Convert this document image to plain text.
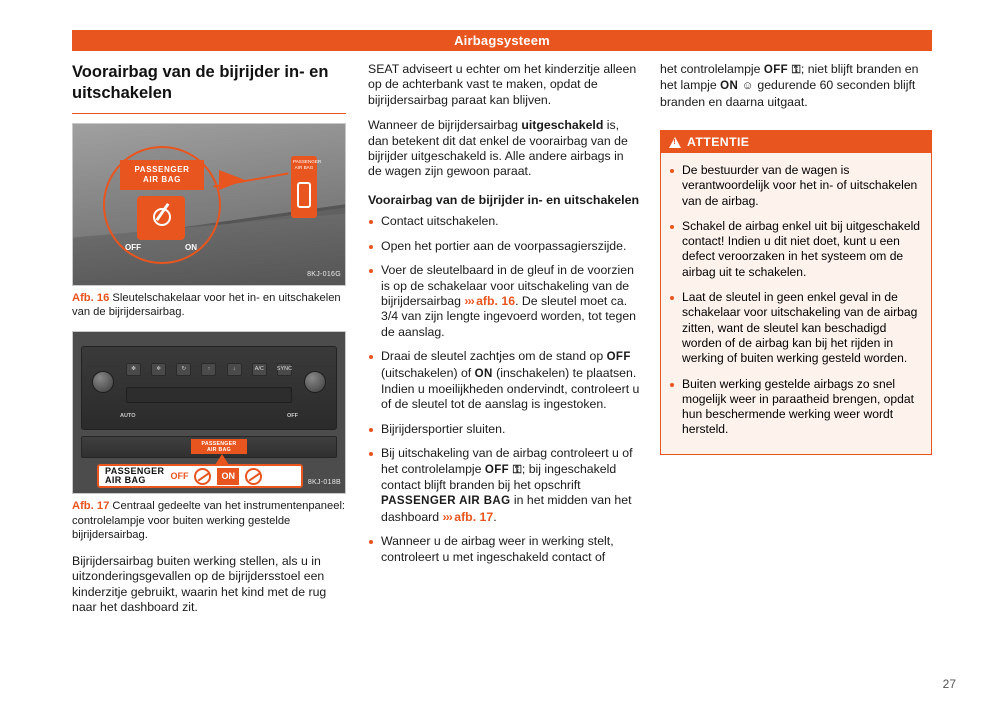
Airbagsysteem
Voorairbag van de bijrijder in- en uitschakelen
PASSENGER
AIR BAG
OFF	ON
PASSENGER AIR BAG
8KJ-016G
Afb. 16 Sleutelschakelaar voor het in- en uitschakelen van de bijrijdersairbag.
❇	❄	↻	↑	↓	A/C	SYNC
AUTO	OFF
PASSENGER
AIR BAG
PASSENGER
AIR BAG	OFF	ON
8KJ-018B
Afb. 17 Centraal gedeelte van het instrumentenpaneel: controlelampje voor buiten werking gestelde bijrijdersairbag.

Bijrijdersairbag buiten werking stellen, als u in uitzonderingsgevallen op de bijrijdersstoel een kinderzitje gebruikt, waarin het kind met de rug naar het dashboard zit.

SEAT adviseert u echter om het kinderzitje alleen op de achterbank vast te maken, opdat de bijrijdersairbag paraat kan blijven.

Wanneer de bijrijdersairbag uitgeschakeld is, dan betekent dit dat enkel de voorairbag van de bijrijder uitgeschakeld is. Alle andere airbags in de wagen zijn gewoon paraat.

Voorairbag van de bijrijder in- en uitschakelen
Contact uitschakelen.
Open het portier aan de voorpassagierszijde.
Voer de sleutelbaard in de gleuf in de voorzien is op de schakelaar voor uitschakeling van de bijrijdersairbag ››› afb. 16. De sleutel moet ca. 3/4 van zijn lengte ingevoerd worden, tot tegen de aanslag.
Draai de sleutel zachtjes om de stand op OFF (uitschakelen) of ON (inschakelen) te plaatsen. Indien u moeilijkheden ondervindt, controleert u of de sleutel tot de aanslag is ingestoken.
Bijrijdersportier sluiten.
Bij uitschakeling van de airbag controleert u of het controlelampje OFF ⚿; bij ingeschakeld contact blijft branden bij het opschrift PASSENGER AIR BAG in het midden van het dashboard ››› afb. 17.
Wanneer u de airbag weer in werking stelt, controleert u met ingeschakeld contact of

het controlelampje OFF ⚿; niet blijft branden en het lampje ON ☺ gedurende 60 seconden blijft branden en daarna uitgaat.

!
ATTENTIE
De bestuurder van de wagen is verantwoordelijk voor het in- of uitschakelen van de airbag.
Schakel de airbag enkel uit bij uitgeschakeld contact! Indien u dit niet doet, kunt u een defect veroorzaken in het systeem om de airbag uit te schakelen.
Laat de sleutel in geen enkel geval in de schakelaar voor uitschakeling van de airbag zitten, want de sleutel kan beschadigd worden of de airbag kan bij het rijden in werking of buiten werking gesteld worden.
Buiten werking gestelde airbags zo snel mogelijk weer in paraatheid brengen, opdat hun beschermende werking weer wordt hersteld.
27
